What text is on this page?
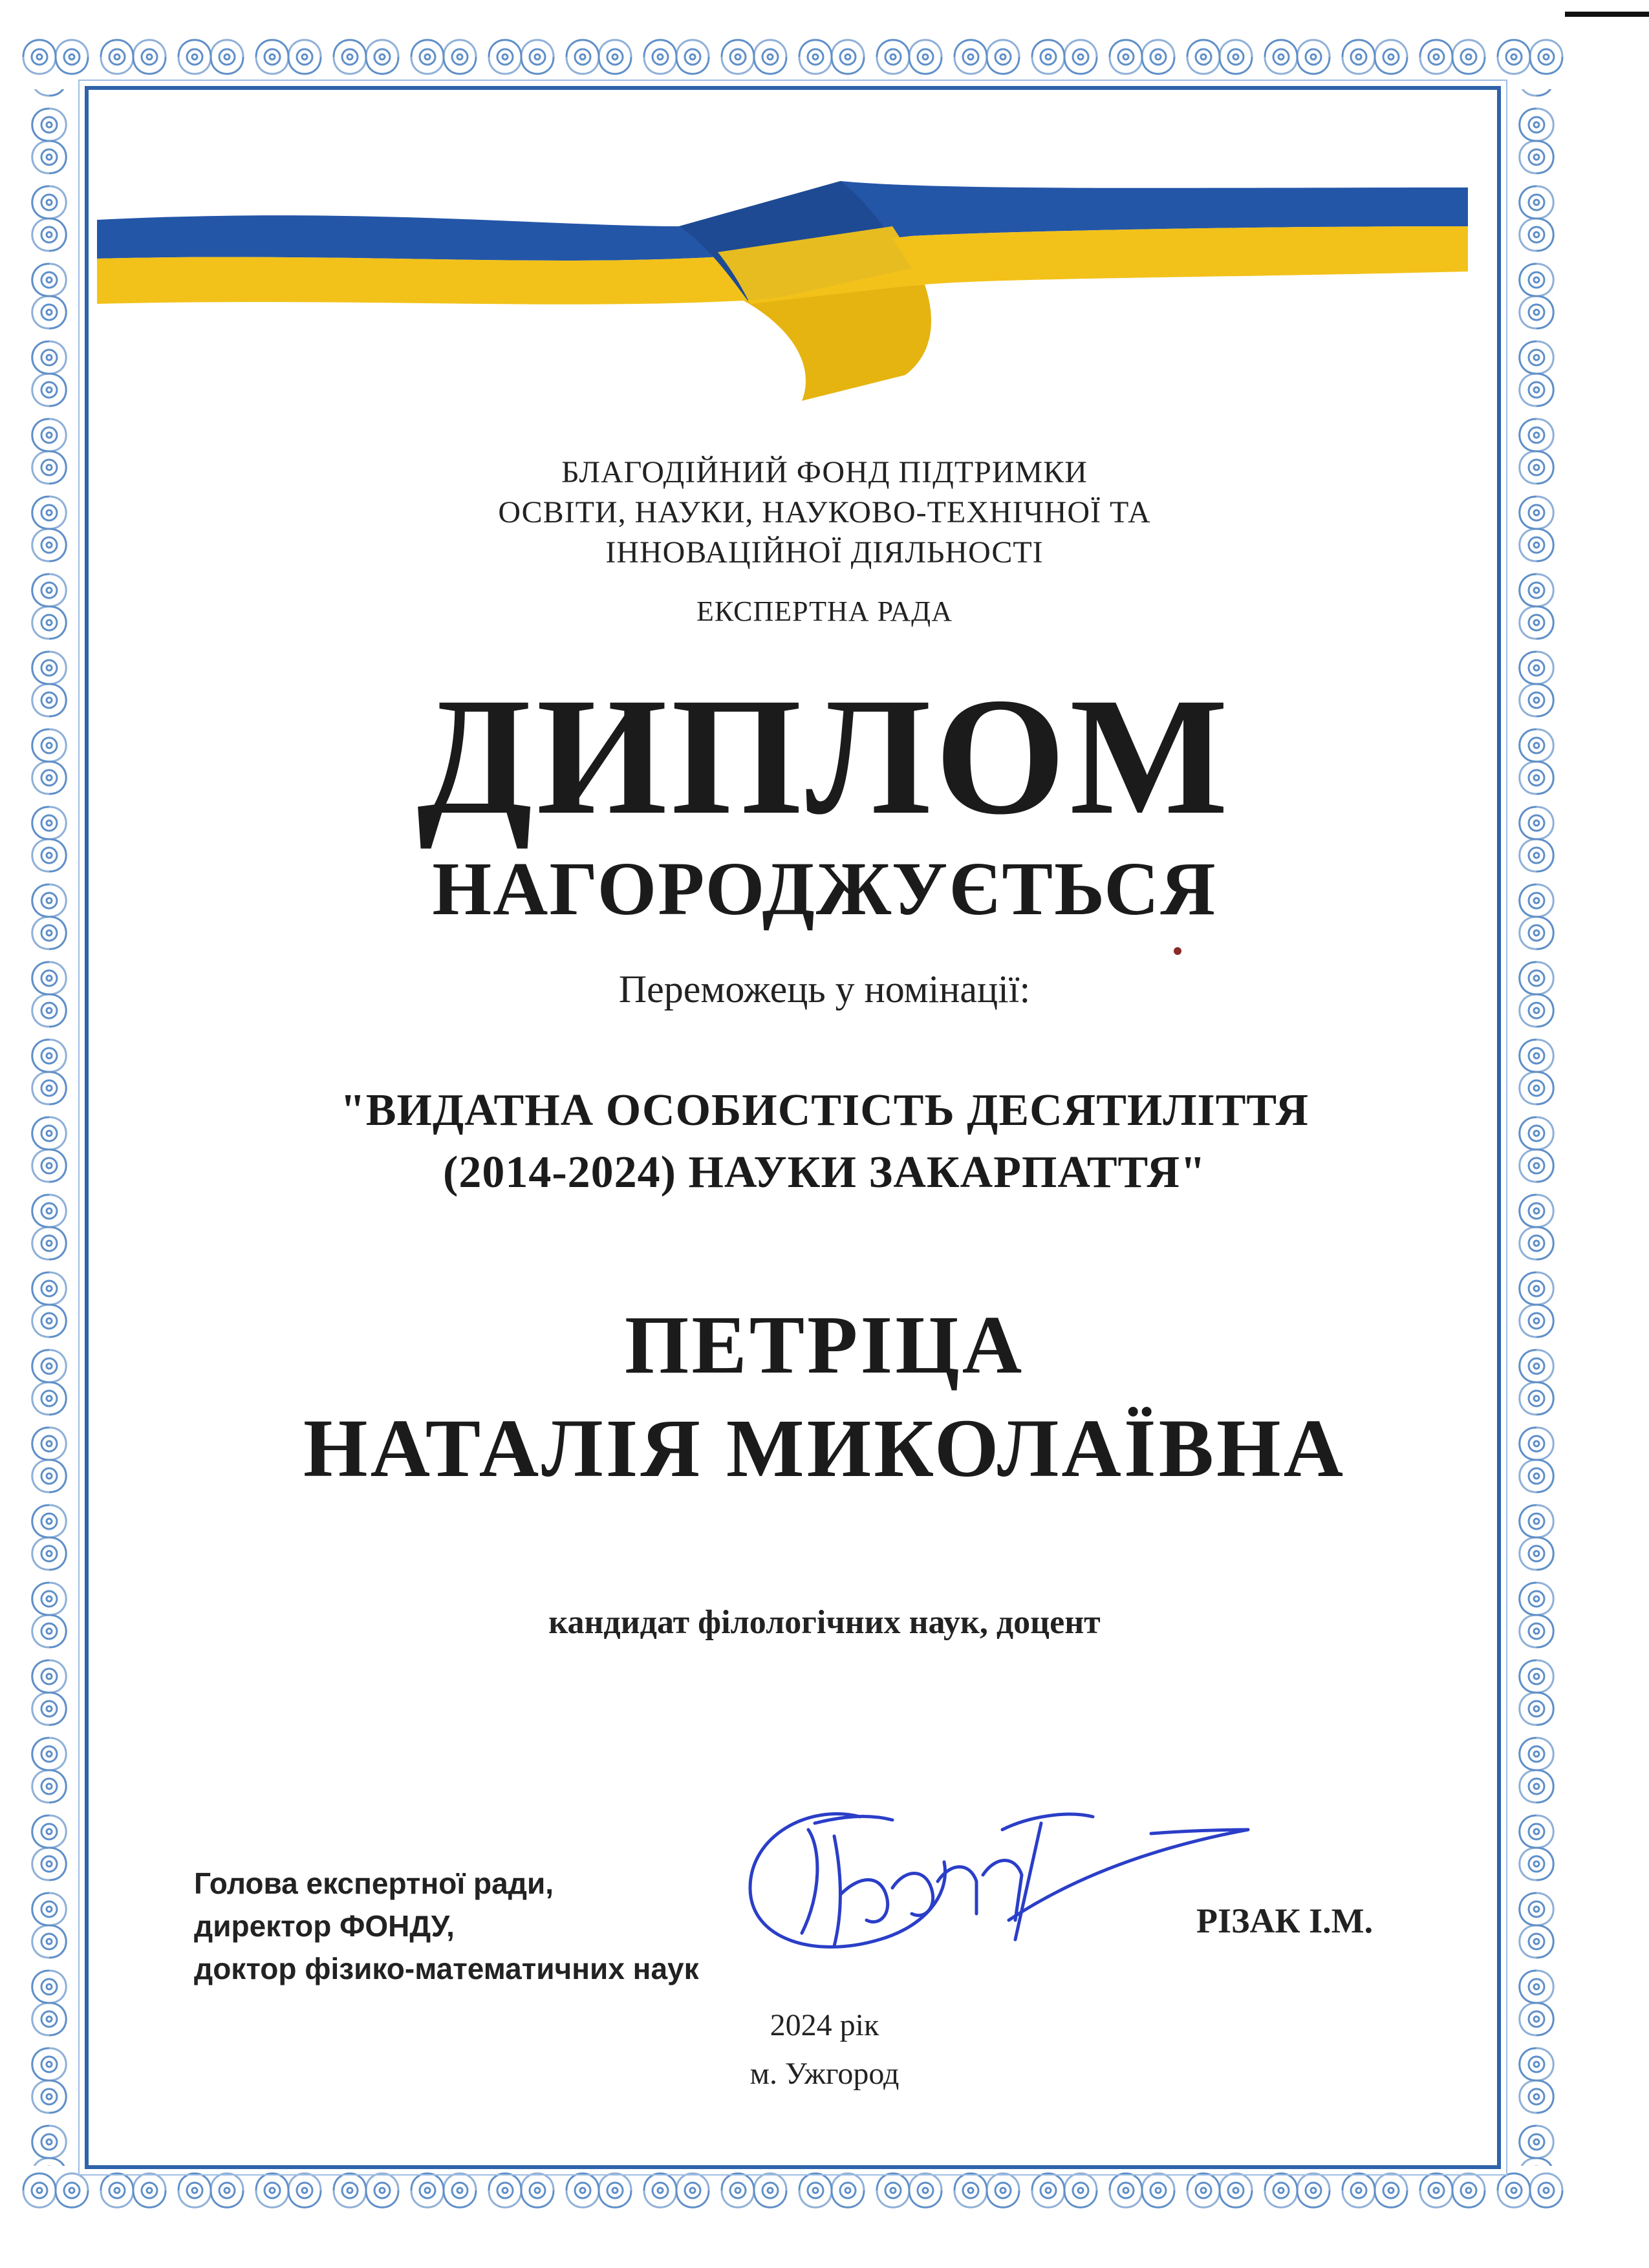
БЛАГОДІЙНИЙ ФОНД ПІДТРИМКИ
ОСВІТИ, НАУКИ, НАУКОВО-ТЕХНІЧНОЇ ТА
ІННОВАЦІЙНОЇ ДІЯЛЬНОСТІ
ЕКСПЕРТНА РАДА
ДИПЛОМ
НАГОРОДЖУЄТЬСЯ
Переможець у номінації:
"ВИДАТНА ОСОБИСТІСТЬ ДЕСЯТИЛІТТЯ
(2014-2024) НАУКИ ЗАКАРПАТТЯ"
ПЕТРІЦА
НАТАЛІЯ МИКОЛАЇВНА
кандидат філологічних наук, доцент
Голова експертної ради,
директор ФОНДУ,
доктор фізико-математичних наук
РІЗАК І.М.
2024 рік
м. Ужгород
